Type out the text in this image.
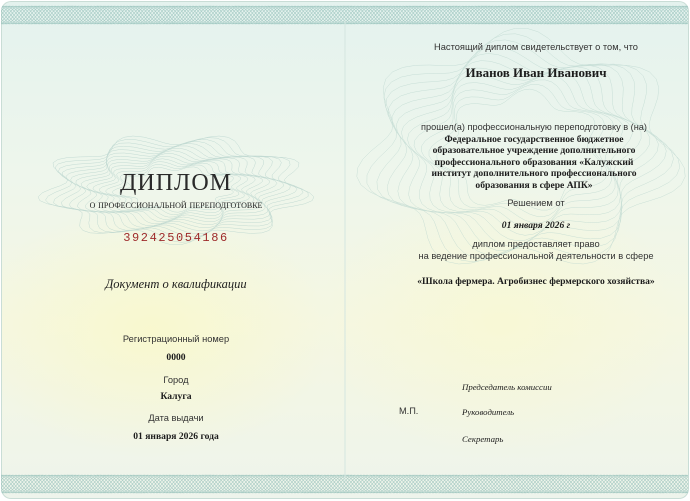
ДИПЛОМ

о профессиональной переподготовке

392425054186

Документ о квалификации

Регистрационный номер

0000

Город

Калуга

Дата выдачи

01 января 2026 года

Настоящий диплом свидетельствует о том, что

Иванов Иван Иванович

прошел(а) профессиональную переподготовку в (на)
Федеральное государственное бюджетное образовательное учреждение дополнительного профессионального образования «Калужский институт дополнительного профессионального образования в сфере АПК»

Решением от

01 января 2026 г

диплом предоставляет право

на ведение профессиональной деятельности в сфере

«Школа фермера. Агробизнес фермерского хозяйства»

Председатель комиссии

Руководитель

Секретарь

М.П.
